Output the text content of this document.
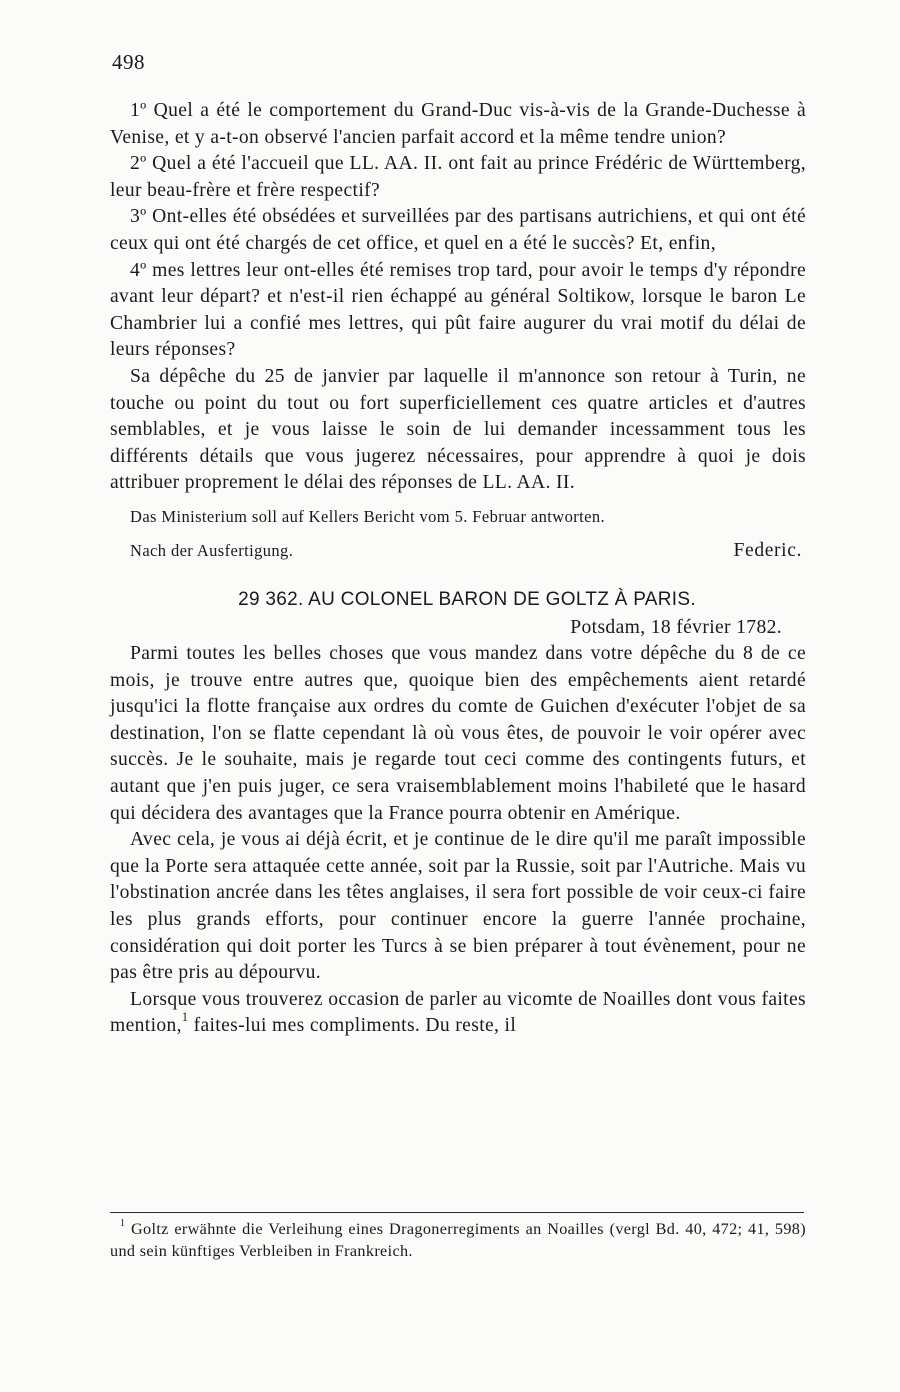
498

1º Quel a été le comportement du Grand-Duc vis-à-vis de la Grande-Duchesse à Venise, et y a-t-on observé l'ancien parfait accord et la même tendre union?

2º Quel a été l'accueil que LL. AA. II. ont fait au prince Frédéric de Württemberg, leur beau-frère et frère respectif?

3º Ont-elles été obsédées et surveillées par des partisans autrichiens, et qui ont été ceux qui ont été chargés de cet office, et quel en a été le succès? Et, enfin,

4º mes lettres leur ont-elles été remises trop tard, pour avoir le temps d'y répondre avant leur départ? et n'est-il rien échappé au général Soltikow, lorsque le baron Le Chambrier lui a confié mes lettres, qui pût faire augurer du vrai motif du délai de leurs réponses?

Sa dépêche du 25 de janvier par laquelle il m'annonce son retour à Turin, ne touche ou point du tout ou fort superficiellement ces quatre articles et d'autres semblables, et je vous laisse le soin de lui demander incessamment tous les différents détails que vous jugerez nécessaires, pour apprendre à quoi je dois attribuer proprement le délai des réponses de LL. AA. II.

Das Ministerium soll auf Kellers Bericht vom 5. Februar antworten.
Nach der Ausfertigung.	Federic.
29 362. AU COLONEL BARON DE GOLTZ À PARIS.
Potsdam, 18 février 1782.

Parmi toutes les belles choses que vous mandez dans votre dépêche du 8 de ce mois, je trouve entre autres que, quoique bien des empêchements aient retardé jusqu'ici la flotte française aux ordres du comte de Guichen d'exécuter l'objet de sa destination, l'on se flatte cependant là où vous êtes, de pouvoir le voir opérer avec succès. Je le souhaite, mais je regarde tout ceci comme des contingents futurs, et autant que j'en puis juger, ce sera vraisemblablement moins l'habileté que le hasard qui décidera des avantages que la France pourra obtenir en Amérique.

Avec cela, je vous ai déjà écrit, et je continue de le dire qu'il me paraît impossible que la Porte sera attaquée cette année, soit par la Russie, soit par l'Autriche. Mais vu l'obstination ancrée dans les têtes anglaises, il sera fort possible de voir ceux-ci faire les plus grands efforts, pour continuer encore la guerre l'année prochaine, considération qui doit porter les Turcs à se bien préparer à tout évènement, pour ne pas être pris au dépourvu.

Lorsque vous trouverez occasion de parler au vicomte de Noailles dont vous faites mention,$^1$ faites-lui mes compliments. Du reste, il

$^1$ Goltz erwähnte die Verleihung eines Dragonerregiments an Noailles (vergl Bd. 40, 472; 41, 598) und sein künftiges Verbleiben in Frankreich.
